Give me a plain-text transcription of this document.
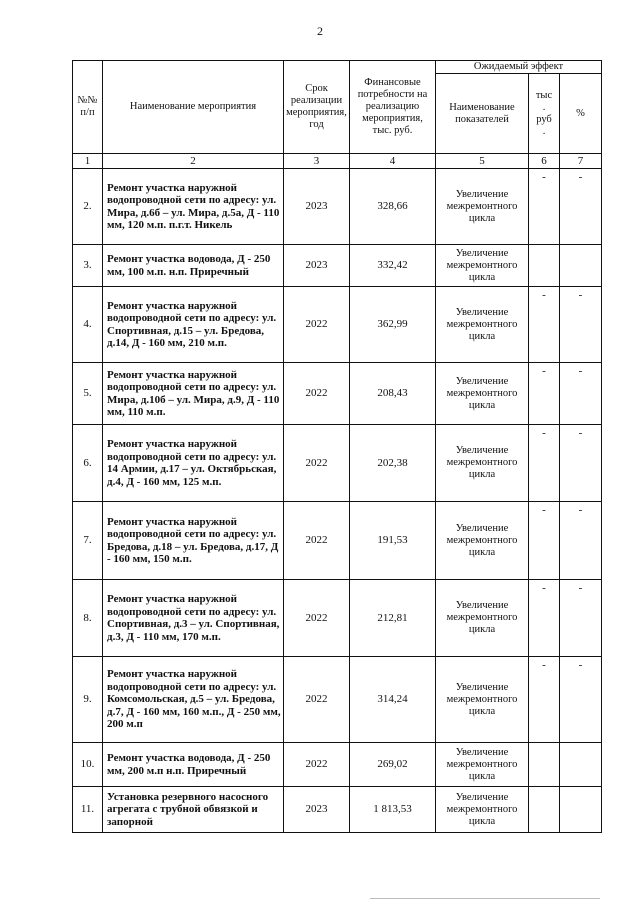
2
№№ п/п	Наименование мероприятия	Срок реализации мероприятия, год	Финансовые потребности на реализацию мероприятия, тыс. руб.	Ожидаемый эффект		
				Наименование показателей	тыс
.
руб
.	%
1	2	3	4	5	6	7
2.	Ремонт участка наружной водопроводной сети по адресу: ул. Мира, д.6б – ул. Мира, д.5а, Д - 110 мм, 120 м.п. п.г.т. Никель	2023	328,66	Увеличение межремонтного цикла	-	-
3.	Ремонт участка водовода, Д - 250 мм, 100 м.п. н.п. Приречный	2023	332,42	Увеличение межремонтного цикла		
4.	Ремонт участка наружной водопроводной сети по адресу: ул. Спортивная, д.15 – ул. Бредова, д.14, Д - 160 мм, 210 м.п.	2022	362,99	Увеличение межремонтного цикла	-	-
5.	Ремонт участка наружной водопроводной сети по адресу: ул. Мира, д.10б – ул. Мира, д.9, Д - 110 мм, 110 м.п.	2022	208,43	Увеличение межремонтного цикла	-	-
6.	Ремонт участка наружной водопроводной сети по адресу: ул. 14 Армии, д.17 – ул. Октябрьская, д.4, Д - 160 мм, 125 м.п.	2022	202,38	Увеличение межремонтного цикла	-	-
7.	Ремонт участка наружной водопроводной сети по адресу: ул. Бредова, д.18 – ул. Бредова, д.17, Д - 160 мм, 150 м.п.	2022	191,53	Увеличение межремонтного цикла	-	-
8.	Ремонт участка наружной водопроводной сети по адресу: ул. Спортивная, д.3 – ул. Спортивная, д.3, Д - 110 мм, 170 м.п.	2022	212,81	Увеличение межремонтного цикла	-	-
9.	Ремонт участка наружной водопроводной сети по адресу: ул. Комсомольская, д.5 – ул. Бредова, д.7, Д - 160 мм, 160 м.п., Д - 250 мм, 200 м.п	2022	314,24	Увеличение межремонтного цикла	-	-
10.	Ремонт участка водовода, Д - 250 мм, 200 м.п н.п. Приречный	2022	269,02	Увеличение межремонтного цикла		
11.	Установка резервного насосного агрегата с трубной обвязкой и запорной	2023	1 813,53	Увеличение межремонтного цикла		
